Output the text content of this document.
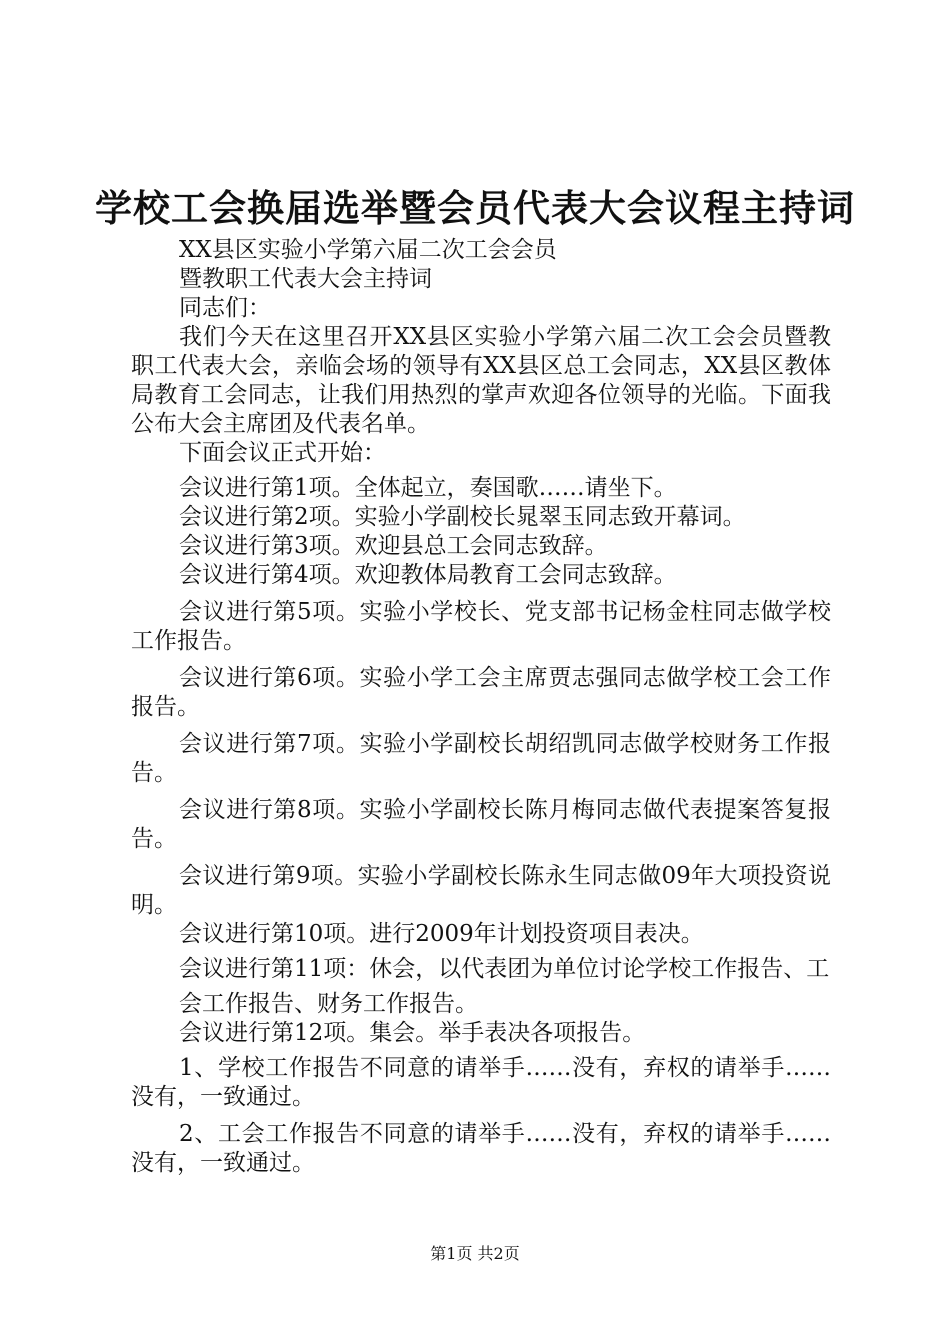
学校工会换届选举暨会员代表大会议程主持词

XX县区实验小学第六届二次工会会员

暨教职工代表大会主持词

同志们：

我们今天在这里召开XX县区实验小学第六届二次工会会员暨教职工代表大会，亲临会场的领导有XX县区总工会同志，XX县区教体局教育工会同志，让我们用热烈的掌声欢迎各位领导的光临。下面我公布大会主席团及代表名单。

下面会议正式开始：

会议进行第1项。全体起立，奏国歌……请坐下。

会议进行第2项。实验小学副校长晁翠玉同志致开幕词。

会议进行第3项。欢迎县总工会同志致辞。

会议进行第4项。欢迎教体局教育工会同志致辞。

会议进行第5项。实验小学校长、党支部书记杨金柱同志做学校工作报告。

会议进行第6项。实验小学工会主席贾志强同志做学校工会工作报告。

会议进行第7项。实验小学副校长胡绍凯同志做学校财务工作报告。

会议进行第8项。实验小学副校长陈月梅同志做代表提案答复报告。

会议进行第9项。实验小学副校长陈永生同志做09年大项投资说明。

会议进行第10项。进行2009年计划投资项目表决。

会议进行第11项：休会，以代表团为单位讨论学校工作报告、工

会工作报告、财务工作报告。

会议进行第12项。集会。举手表决各项报告。

1、学校工作报告不同意的请举手……没有，弃权的请举手……没有，一致通过。

2、工会工作报告不同意的请举手……没有，弃权的请举手……没有，一致通过。

第1页 共2页
